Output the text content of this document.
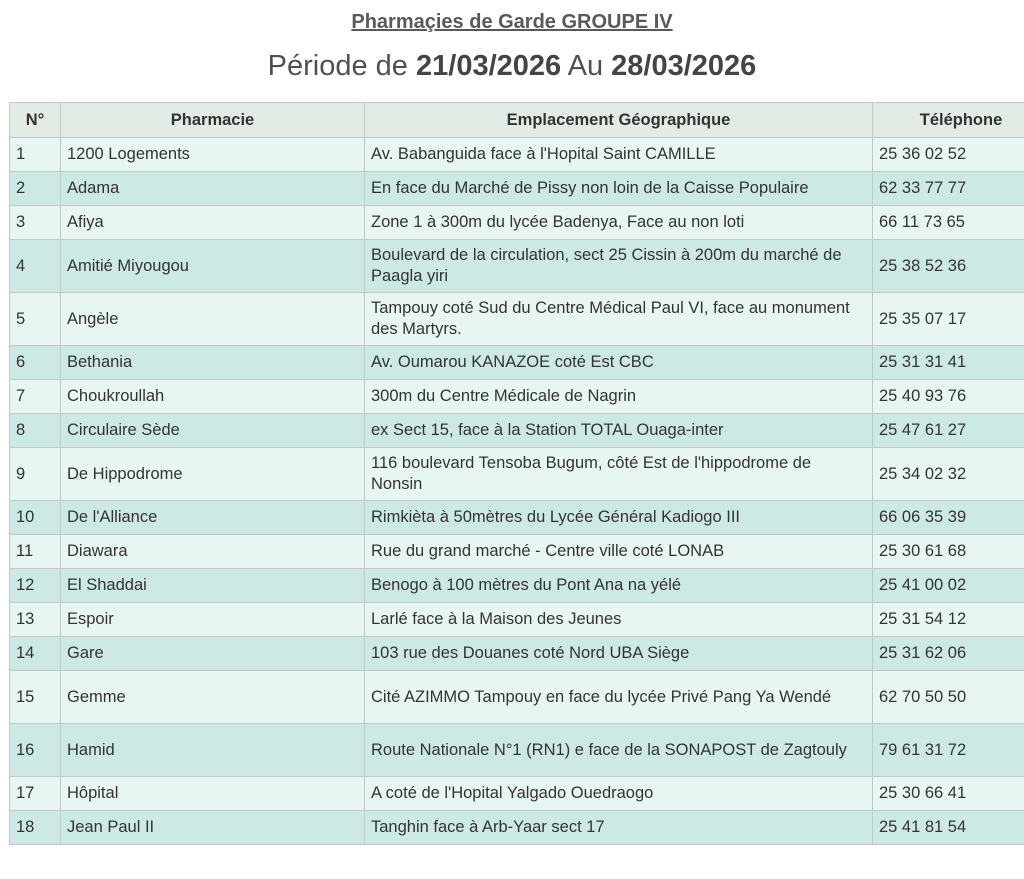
Pharmaçies de Garde GROUPE IV
Période de 21/03/2026 Au 28/03/2026
N°	Pharmacie	Emplacement Géographique	Téléphone
1	1200 Logements	Av. Babanguida face à l'Hopital Saint CAMILLE	25 36 02 52
2	Adama	En face du Marché de Pissy non loin de la Caisse Populaire	62 33 77 77
3	Afiya	Zone 1 à 300m du lycée Badenya, Face au non loti	66 11 73 65
4	Amitié Miyougou	Boulevard de la circulation, sect 25 Cissin à 200m du marché de Paagla yiri	25 38 52 36
5	Angèle	Tampouy coté Sud du Centre Médical Paul VI, face au monument des Martyrs.	25 35 07 17
6	Bethania	Av. Oumarou KANAZOE coté Est CBC	25 31 31 41
7	Choukroullah	300m du Centre Médicale de Nagrin	25 40 93 76
8	Circulaire Sède	ex Sect 15, face à la Station TOTAL Ouaga-inter	25 47 61 27
9	De Hippodrome	116 boulevard Tensoba Bugum, côté Est de l'hippodrome de Nonsin	25 34 02 32
10	De l'Alliance	Rimkièta à 50mètres du Lycée Général Kadiogo III	66 06 35 39
11	Diawara	Rue du grand marché - Centre ville coté LONAB	25 30 61 68
12	El Shaddai	Benogo à 100 mètres du Pont Ana na yélé	25 41 00 02
13	Espoir	Larlé face à la Maison des Jeunes	25 31 54 12
14	Gare	103 rue des Douanes coté Nord UBA Siège	25 31 62 06
15	Gemme	Cité AZIMMO Tampouy en face du lycée Privé Pang Ya Wendé	62 70 50 50
16	Hamid	Route Nationale N°1 (RN1) e face de la SONAPOST de Zagtouly	79 61 31 72
17	Hôpital	A coté de l'Hopital Yalgado Ouedraogo	25 30 66 41
18	Jean Paul II	Tanghin face à Arb-Yaar sect 17	25 41 81 54
